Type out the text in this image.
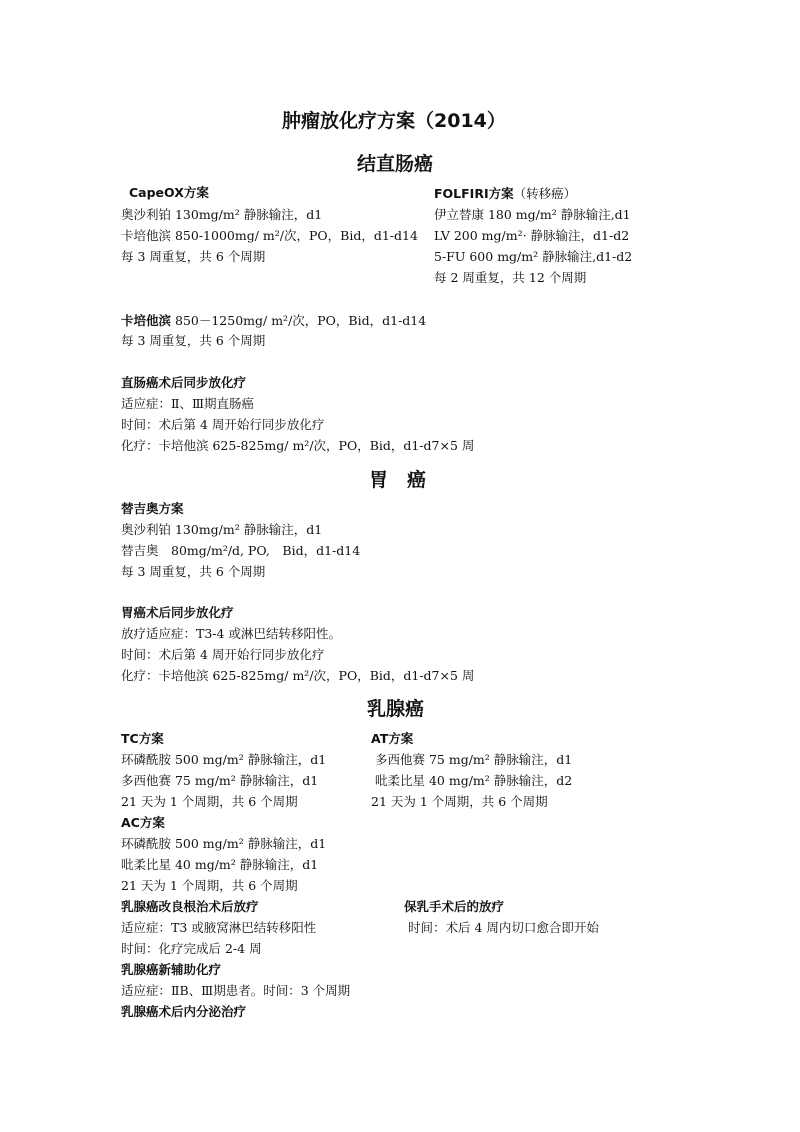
肿瘤放化疗方案（2014）
结直肠癌
CapeOX方案
奥沙利铂 130mg/m² 静脉输注，d1
卡培他滨 850-1000mg/ m²/次，PO，Bid，d1-d14
每 3 周重复，共 6 个周期
FOLFIRI方案（转移癌）
伊立替康 180 mg/m² 静脉输注,d1
LV 200 mg/m²· 静脉输注，d1-d2
5-FU 600 mg/m² 静脉输注,d1-d2
每 2 周重复，共 12 个周期
卡培他滨 850－1250mg/ m²/次，PO，Bid，d1-d14
每 3 周重复，共 6 个周期
直肠癌术后同步放化疗
适应症：Ⅱ、Ⅲ期直肠癌
时间：术后第 4 周开始行同步放化疗
化疗：卡培他滨 625-825mg/ m²/次，PO，Bid，d1-d7×5 周
胃　癌
替吉奥方案
奥沙利铂 130mg/m² 静脉输注，d1
替吉奥　80mg/m²/d, PO,　Bid，d1-d14
每 3 周重复，共 6 个周期
胃癌术后同步放化疗
放疗适应症：T3-4 或淋巴结转移阳性。
时间：术后第 4 周开始行同步放化疗
化疗：卡培他滨 625-825mg/ m²/次，PO，Bid，d1-d7×5 周
乳腺癌
TC方案
环磷酰胺 500 mg/m² 静脉输注，d1
多西他赛 75 mg/m² 静脉输注，d1
21 天为 1 个周期，共 6 个周期
AT方案
多西他赛 75 mg/m² 静脉输注，d1
吡柔比星 40 mg/m² 静脉输注，d2
21 天为 1 个周期，共 6 个周期
AC方案
环磷酰胺 500 mg/m² 静脉输注，d1
吡柔比星 40 mg/m² 静脉输注，d1
21 天为 1 个周期，共 6 个周期
乳腺癌改良根治术后放疗
适应症：T3 或腋窝淋巴结转移阳性
时间：化疗完成后 2-4 周
保乳手术后的放疗
时间：术后 4 周内切口愈合即开始
乳腺癌新辅助化疗
适应症：ⅡB、Ⅲ期患者。时间：3 个周期
乳腺癌术后内分泌治疗
